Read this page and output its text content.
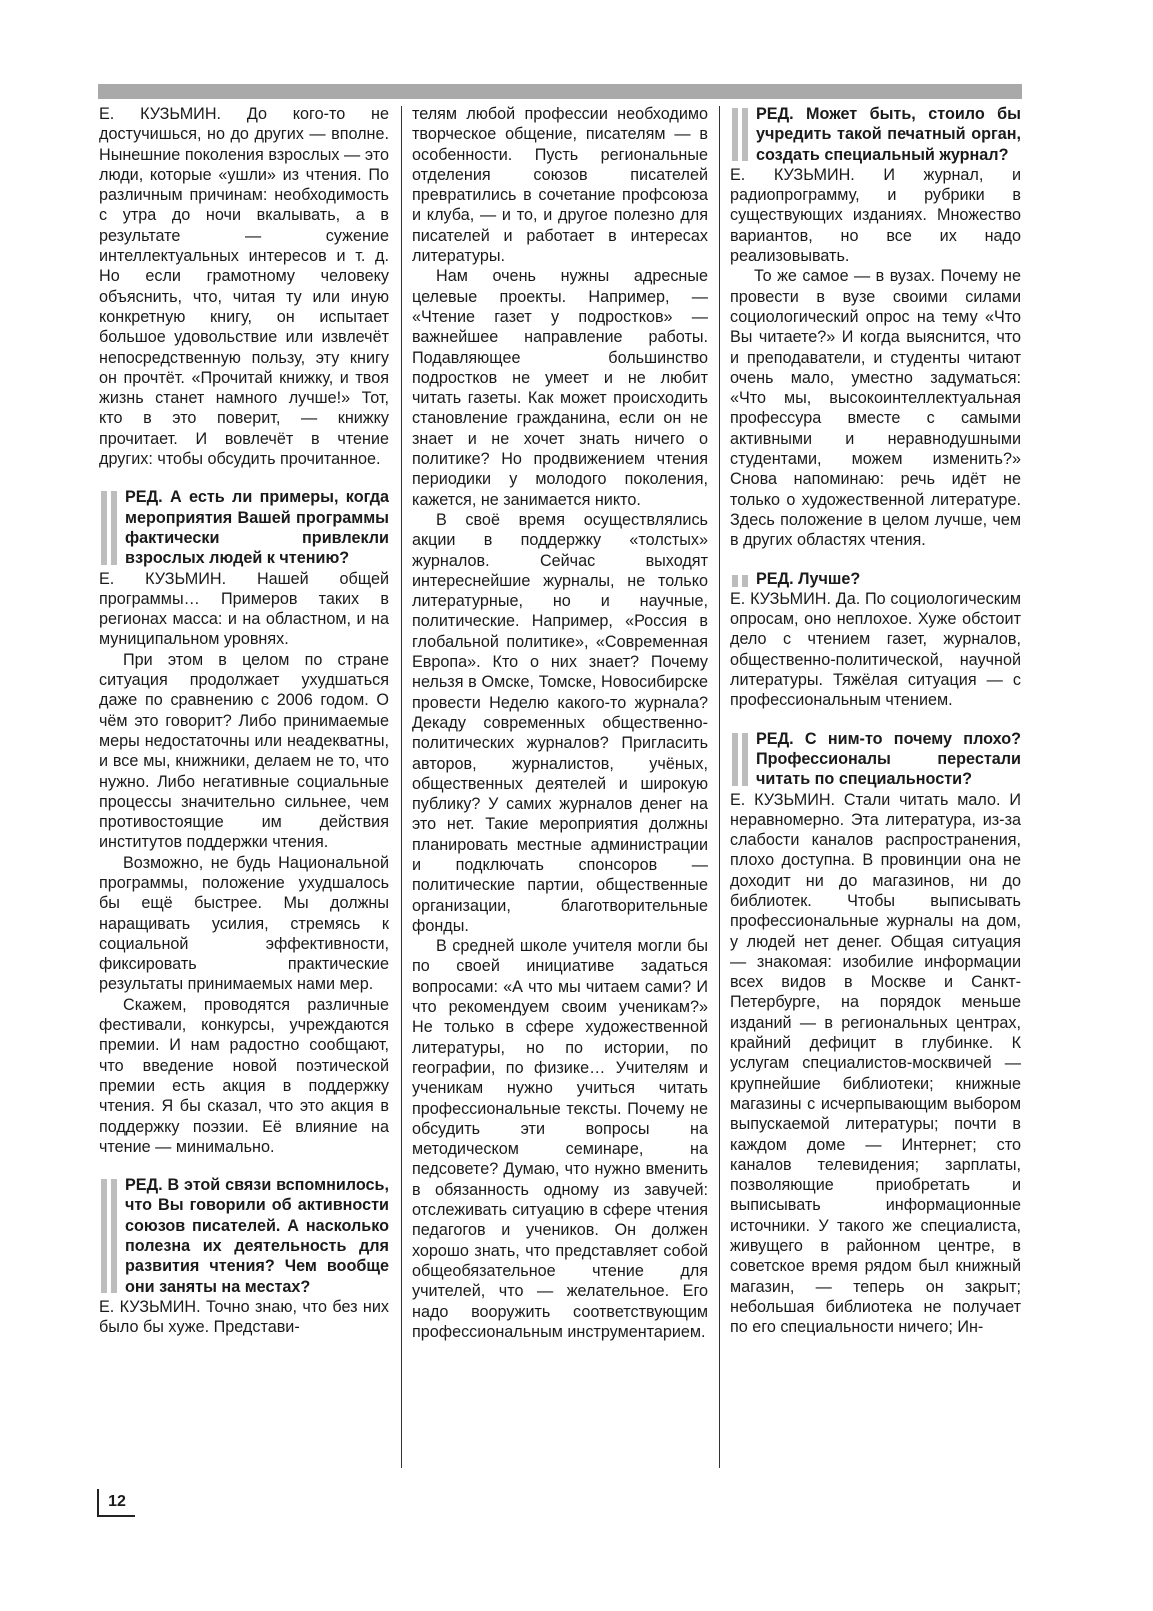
Е. КУЗЬМИН. До кого-то не достучишься, но до других — вполне. Нынешние поколения взрослых — это люди, которые «ушли» из чтения. По различным причинам: необходимость с утра до ночи вкалывать, а в результате — сужение интеллектуальных интересов и т. д. Но если грамотному человеку объяснить, что, читая ту или иную конкретную книгу, он испытает большое удовольствие или извлечёт непосредственную пользу, эту книгу он прочтёт. «Прочитай книжку, и твоя жизнь станет намного лучше!» Тот, кто в это поверит, — книжку прочитает. И вовлечёт в чтение других: чтобы обсудить прочитанное.

РЕД. А есть ли примеры, когда мероприятия Вашей программы фактически привлекли взрослых людей к чтению?

Е. КУЗЬМИН. Нашей общей программы… Примеров таких в регионах масса: и на областном, и на муниципальном уровнях.

При этом в целом по стране ситуация продолжает ухудшаться даже по сравнению с 2006 годом. О чём это говорит? Либо принимаемые меры недостаточны или неадекватны, и все мы, книжники, делаем не то, что нужно. Либо негативные социальные процессы значительно сильнее, чем противостоящие им действия институтов поддержки чтения.

Возможно, не будь Национальной программы, положение ухудшалось бы ещё быстрее. Мы должны наращивать усилия, стремясь к социальной эффективности, фиксировать практические результаты принимаемых нами мер.

Скажем, проводятся различные фестивали, конкурсы, учреждаются премии. И нам радостно сообщают, что введение новой поэтической премии есть акция в поддержку чтения. Я бы сказал, что это акция в поддержку поэзии. Её влияние на чтение — минимально.

РЕД. В этой связи вспомнилось, что Вы говорили об активности союзов писателей. А насколько полезна их деятельность для развития чтения? Чем вообще они заняты на местах?

Е. КУЗЬМИН. Точно знаю, что без них было бы хуже. Представи-

телям любой профессии необходимо творческое общение, писателям — в особенности. Пусть региональные отделения союзов писателей превратились в сочетание профсоюза и клуба, — и то, и другое полезно для писателей и работает в интересах литературы.

Нам очень нужны адресные целевые проекты. Например, — «Чтение газет у подростков» — важнейшее направление работы. Подавляющее большинство подростков не умеет и не любит читать газеты. Как может происходить становление гражданина, если он не знает и не хочет знать ничего о политике? Но продвижением чтения периодики у молодого поколения, кажется, не занимается никто.

В своё время осуществлялись акции в поддержку «толстых» журналов. Сейчас выходят интереснейшие журналы, не только литературные, но и научные, политические. Например, «Россия в глобальной политике», «Современная Европа». Кто о них знает? Почему нельзя в Омске, Томске, Новосибирске провести Неделю какого-то журнала? Декаду современных общественно-политических журналов? Пригласить авторов, журналистов, учёных, общественных деятелей и широкую публику? У самих журналов денег на это нет. Такие мероприятия должны планировать местные администрации и подключать спонсоров — политические партии, общественные организации, благотворительные фонды.

В средней школе учителя могли бы по своей инициативе задаться вопросами: «А что мы читаем сами? И что рекомендуем своим ученикам?» Не только в сфере художественной литературы, но по истории, по географии, по физике… Учителям и ученикам нужно учиться читать профессиональные тексты. Почему не обсудить эти вопросы на методическом семинаре, на педсовете? Думаю, что нужно вменить в обязанность одному из завучей: отслеживать ситуацию в сфере чтения педагогов и учеников. Он должен хорошо знать, что представляет собой общеобязательное чтение для учителей, что — желательное. Его надо вооружить соответствующим профессиональным инструментарием.

РЕД. Может быть, стоило бы учредить такой печатный орган, создать специальный журнал?

Е. КУЗЬМИН. И журнал, и радиопрограмму, и рубрики в существующих изданиях. Множество вариантов, но все их надо реализовывать.

То же самое — в вузах. Почему не провести в вузе своими силами социологический опрос на тему «Что Вы читаете?» И когда выяснится, что и преподаватели, и студенты читают очень мало, уместно задуматься: «Что мы, высокоинтеллектуальная профессура вместе с самыми активными и неравнодушными студентами, можем изменить?» Снова напоминаю: речь идёт не только о художественной литературе. Здесь положение в целом лучше, чем в других областях чтения.

РЕД. Лучше?

Е. КУЗЬМИН. Да. По социологическим опросам, оно неплохое. Хуже обстоит дело с чтением газет, журналов, общественно-политической, научной литературы. Тяжёлая ситуация — с профессиональным чтением.

РЕД. С ним-то почему плохо? Профессионалы перестали читать по специальности?

Е. КУЗЬМИН. Стали читать мало. И неравномерно. Эта литература, из-за слабости каналов распространения, плохо доступна. В провинции она не доходит ни до магазинов, ни до библиотек. Чтобы выписывать профессиональные журналы на дом, у людей нет денег. Общая ситуация — знакомая: изобилие информации всех видов в Москве и Санкт-Петербурге, на порядок меньше изданий — в региональных центрах, крайний дефицит в глубинке. К услугам специалистов-москвичей — крупнейшие библиотеки; книжные магазины с исчерпывающим выбором выпускаемой литературы; почти в каждом доме — Интернет; сто каналов телевидения; зарплаты, позволяющие приобретать и выписывать информационные источники. У такого же специалиста, живущего в районном центре, в советское время рядом был книжный магазин, — теперь он закрыт; небольшая библиотека не получает по его специальности ничего; Ин-

12
